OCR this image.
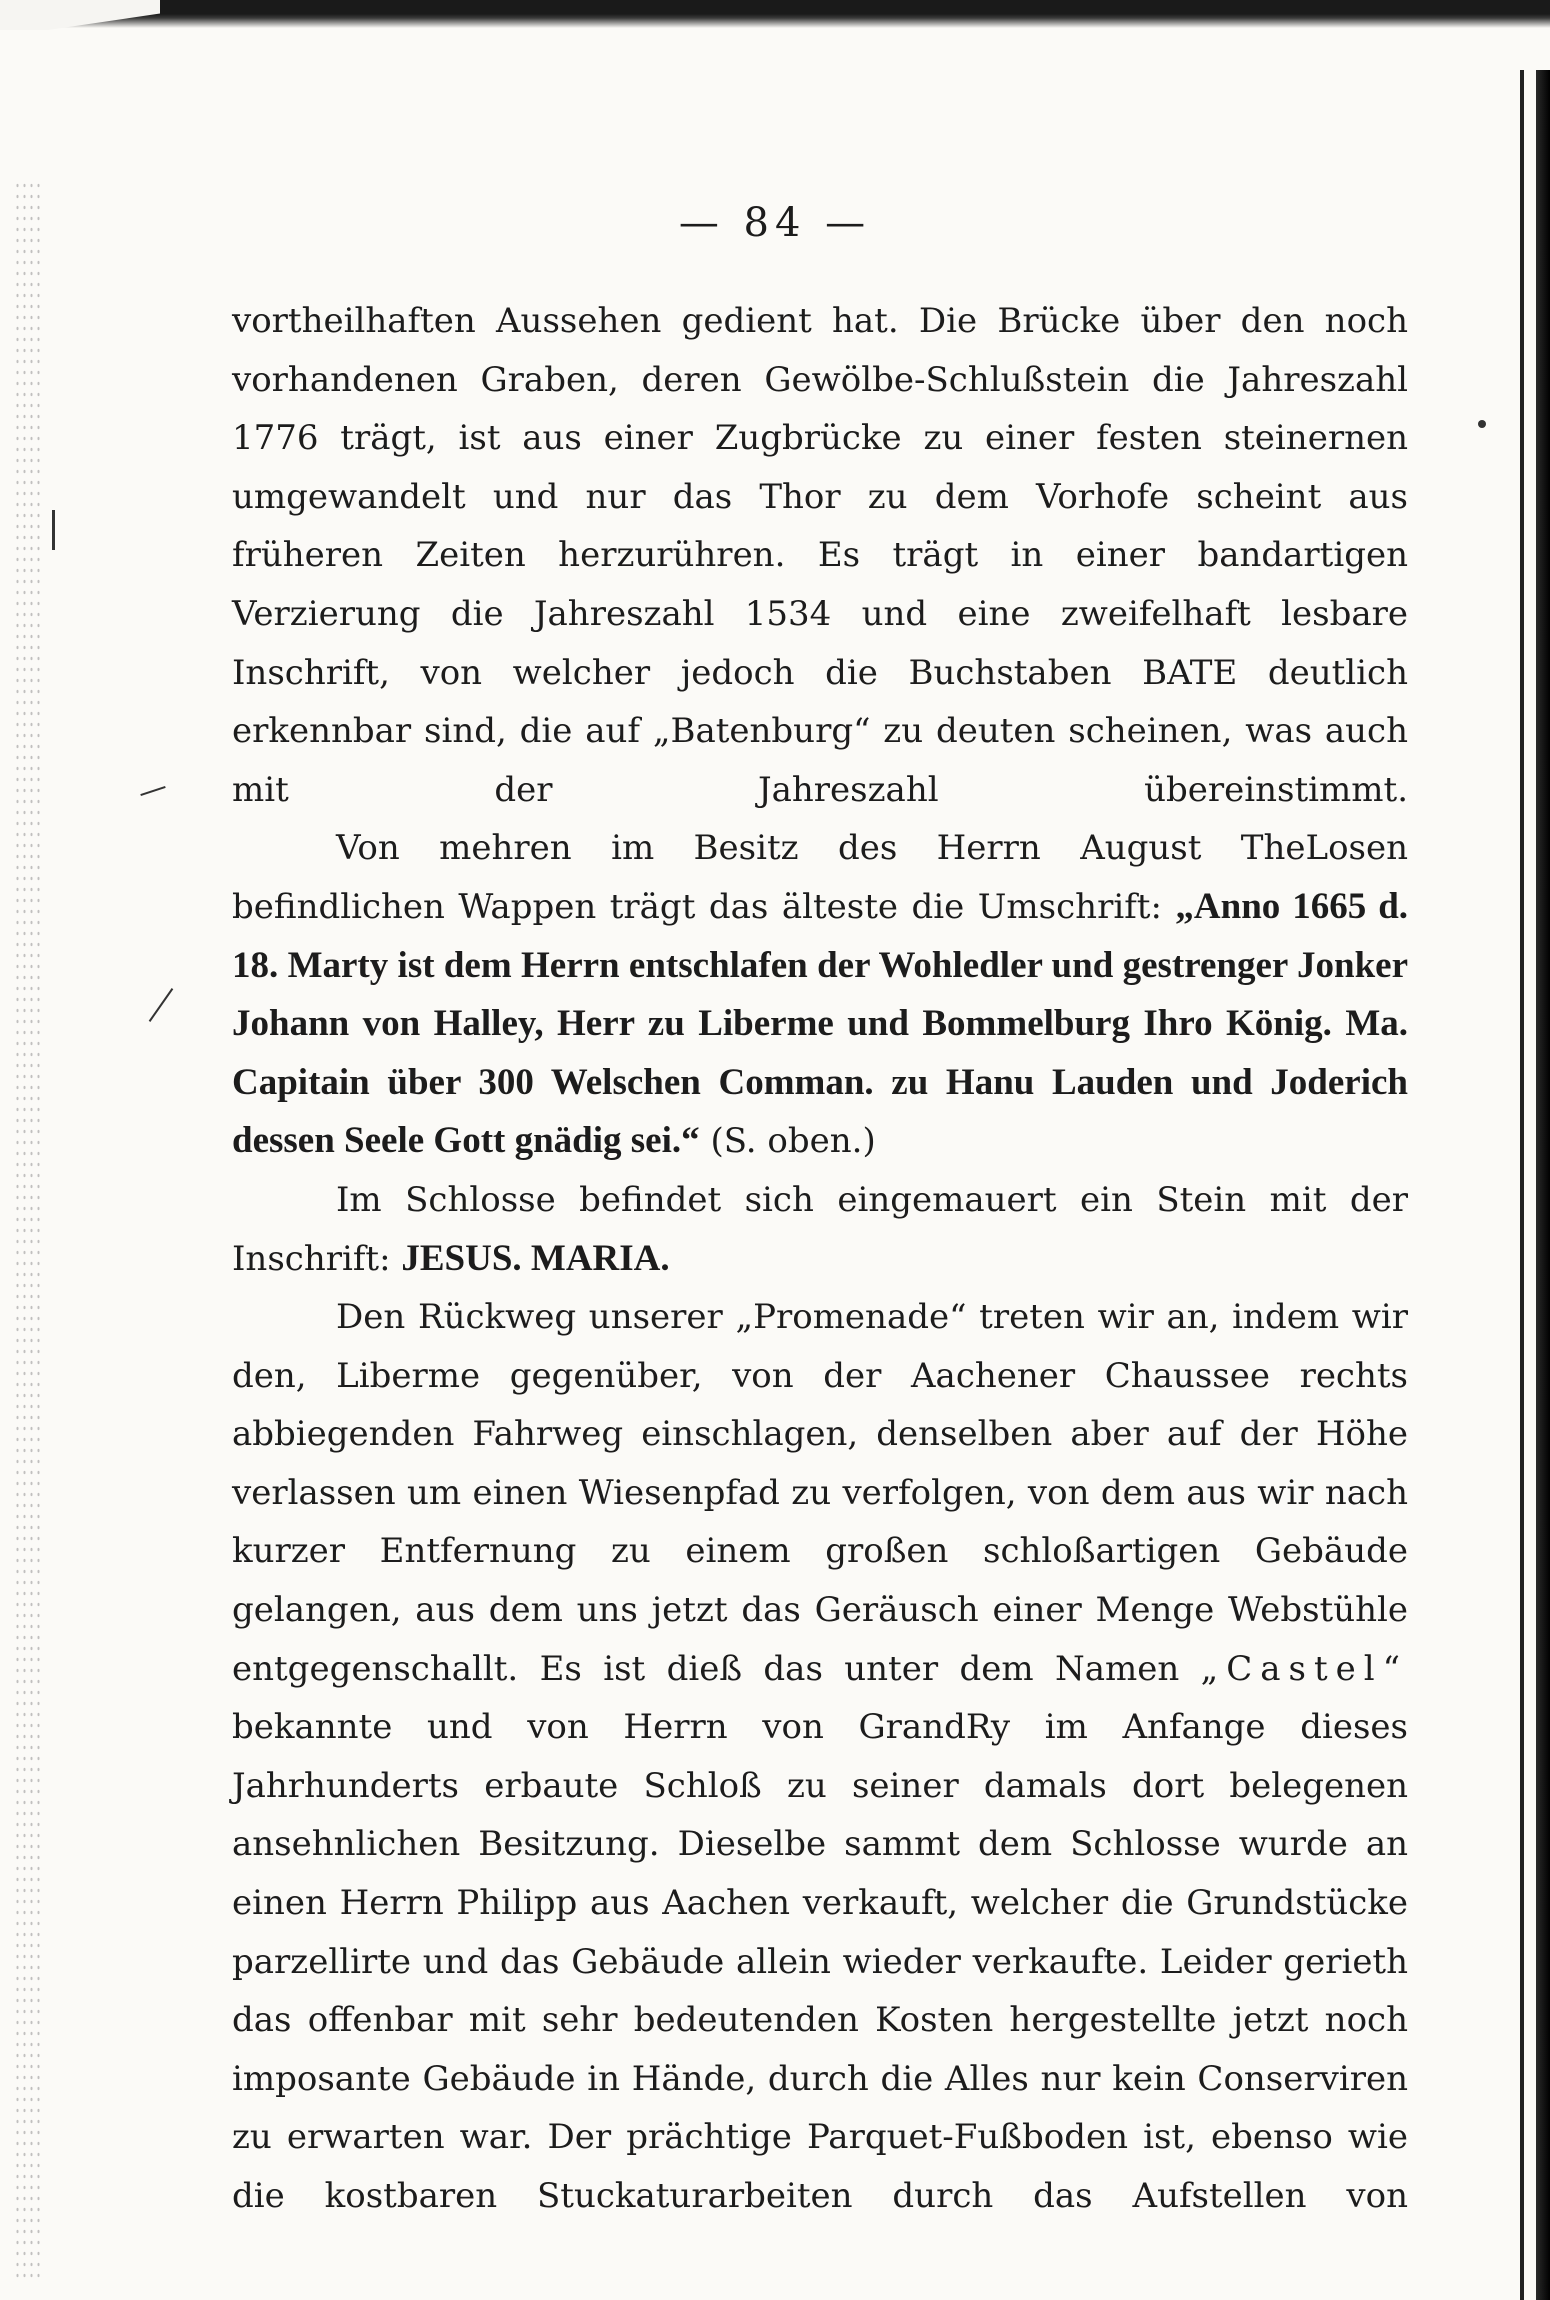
— 84 —

vortheilhaften Aussehen gedient hat. Die Brücke über den noch vorhandenen Graben, deren Gewölbe-Schlußstein die Jahreszahl 1776 trägt, ist aus einer Zugbrücke zu einer festen steinernen umgewandelt und nur das Thor zu dem Vorhofe scheint aus früheren Zeiten herzurühren. Es trägt in einer bandartigen Verzierung die Jahreszahl 1534 und eine zweifelhaft lesbare Inschrift, von welcher jedoch die Buchstaben BATE deutlich erkennbar sind, die auf „Batenburg“ zu deuten scheinen, was auch mit der Jahreszahl übereinstimmt.

Von mehren im Besitz des Herrn August TheLosen befindlichen Wappen trägt das älteste die Umschrift: „Anno 1665 d. 18. Marty ist dem Herrn entschlafen der Wohledler und gestrenger Jonker Johann von Halley, Herr zu Liberme und Bommelburg Ihro König. Ma. Capitain über 300 Welschen Comman. zu Hanu Lauden und Joderich dessen Seele Gott gnädig sei.“ (S. oben.)

Im Schlosse befindet sich eingemauert ein Stein mit der Inschrift: JESUS. MARIA.

Den Rückweg unserer „Promenade“ treten wir an, indem wir den, Liberme gegenüber, von der Aachener Chaussee rechts abbiegenden Fahrweg einschlagen, denselben aber auf der Höhe verlassen um einen Wiesenpfad zu verfolgen, von dem aus wir nach kurzer Entfernung zu einem großen schloßartigen Gebäude gelangen, aus dem uns jetzt das Geräusch einer Menge Webstühle entgegenschallt. Es ist dieß das unter dem Namen „Castel“ bekannte und von Herrn von GrandRy im Anfange dieses Jahrhunderts erbaute Schloß zu seiner damals dort belegenen ansehnlichen Besitzung. Dieselbe sammt dem Schlosse wurde an einen Herrn Philipp aus Aachen verkauft, welcher die Grundstücke parzellirte und das Gebäude allein wieder verkaufte. Leider gerieth das offenbar mit sehr bedeutenden Kosten hergestellte jetzt noch imposante Gebäude in Hände, durch die Alles nur kein Conserviren zu erwarten war. Der prächtige Parquet-Fußboden ist, ebenso wie die kostbaren Stuckaturarbeiten durch das Aufstellen von
